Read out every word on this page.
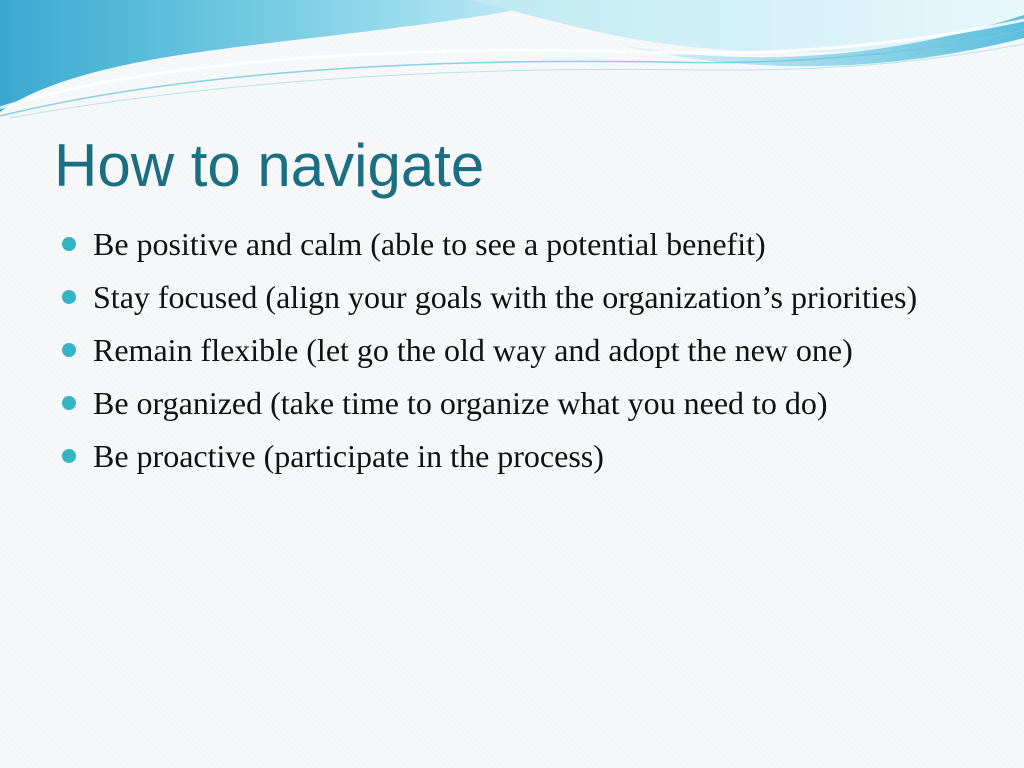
How to navigate
Be positive and calm (able to see a potential benefit)
Stay focused (align your goals with the organization’s priorities)
Remain flexible (let go the old way and adopt the new one)
Be organized (take time to organize what you need to do)
Be proactive (participate in the process)
